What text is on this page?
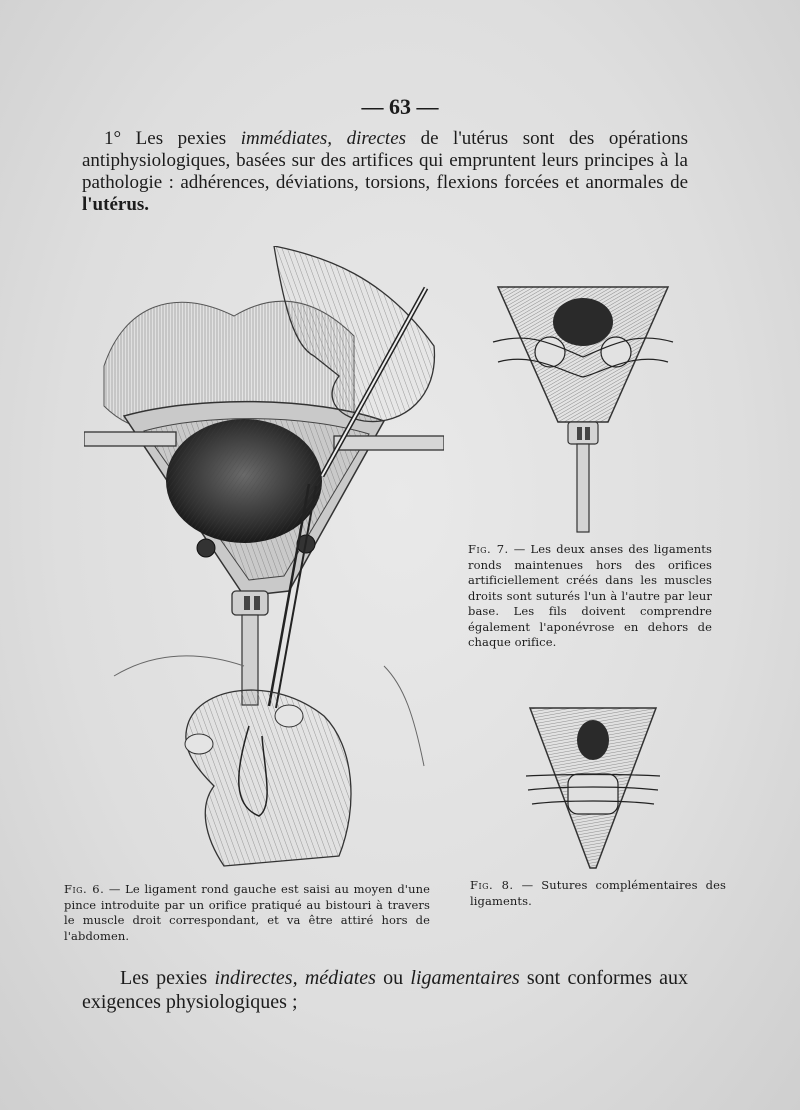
— 63 —

1° Les pexies immédiates, directes de l'utérus sont des opérations antiphysiologiques, basées sur des artifices qui empruntent leurs principes à la pathologie : adhérences, déviations, torsions, flexions forcées et anormales de l'utérus.

Fig. 7. — Les deux anses des ligaments ronds maintenues hors des orifices artificiellement créés dans les muscles droits sont suturés l'un à l'autre par leur base. Les fils doivent comprendre également l'aponévrose en dehors de chaque orifice.

Fig. 6. — Le ligament rond gauche est saisi au moyen d'une pince introduite par un orifice pratiqué au bistouri à travers le muscle droit correspondant, et va être attiré hors de l'abdomen.

Fig. 8. — Sutures complémentaires des ligaments.

Les pexies indirectes, médiates ou ligamentaires sont conformes aux exigences physiologiques ;
